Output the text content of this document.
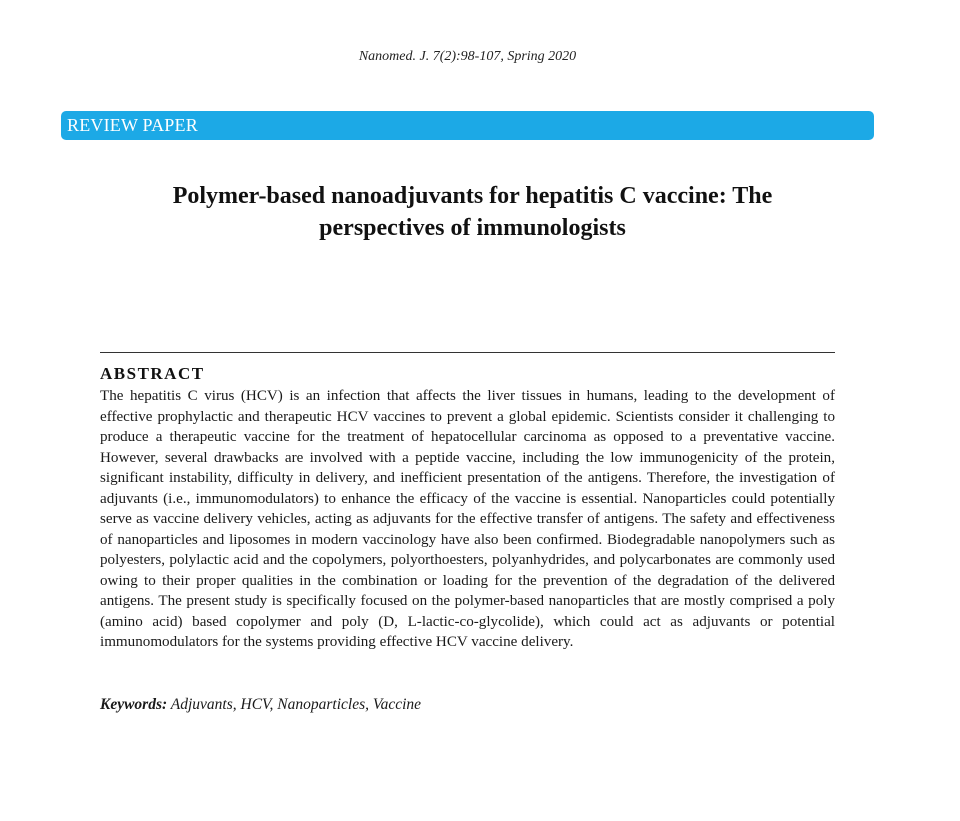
Nanomed. J. 7(2):98-107, Spring 2020
REVIEW PAPER
Polymer-based nanoadjuvants for hepatitis C vaccine: The perspectives of immunologists
ABSTRACT

The hepatitis C virus (HCV) is an infection that affects the liver tissues in humans, leading to the development of effective prophylactic and therapeutic HCV vaccines to prevent a global epidemic. Scientists consider it challenging to produce a therapeutic vaccine for the treatment of hepatocellular carcinoma as opposed to a preventative vaccine. However, several drawbacks are involved with a peptide vaccine, including the low immunogenicity of the protein, significant instability, difficulty in delivery, and inefficient presentation of the antigens. Therefore, the investigation of adjuvants (i.e., immunomodulators) to enhance the efficacy of the vaccine is essential. Nanoparticles could potentially serve as vaccine delivery vehicles, acting as adjuvants for the effective transfer of antigens. The safety and effectiveness of nanoparticles and liposomes in modern vaccinology have also been confirmed. Biodegradable nanopolymers such as polyesters, polylactic acid and the copolymers, polyorthoesters, polyanhydrides, and polycarbonates are commonly used owing to their proper qualities in the combination or loading for the prevention of the degradation of the delivered antigens. The present study is specifically focused on the polymer-based nanoparticles that are mostly comprised a poly (amino acid) based copolymer and poly (D, L-lactic-co-glycolide), which could act as adjuvants or potential immunomodulators for the systems providing effective HCV vaccine delivery.

Keywords: Adjuvants, HCV, Nanoparticles, Vaccine
